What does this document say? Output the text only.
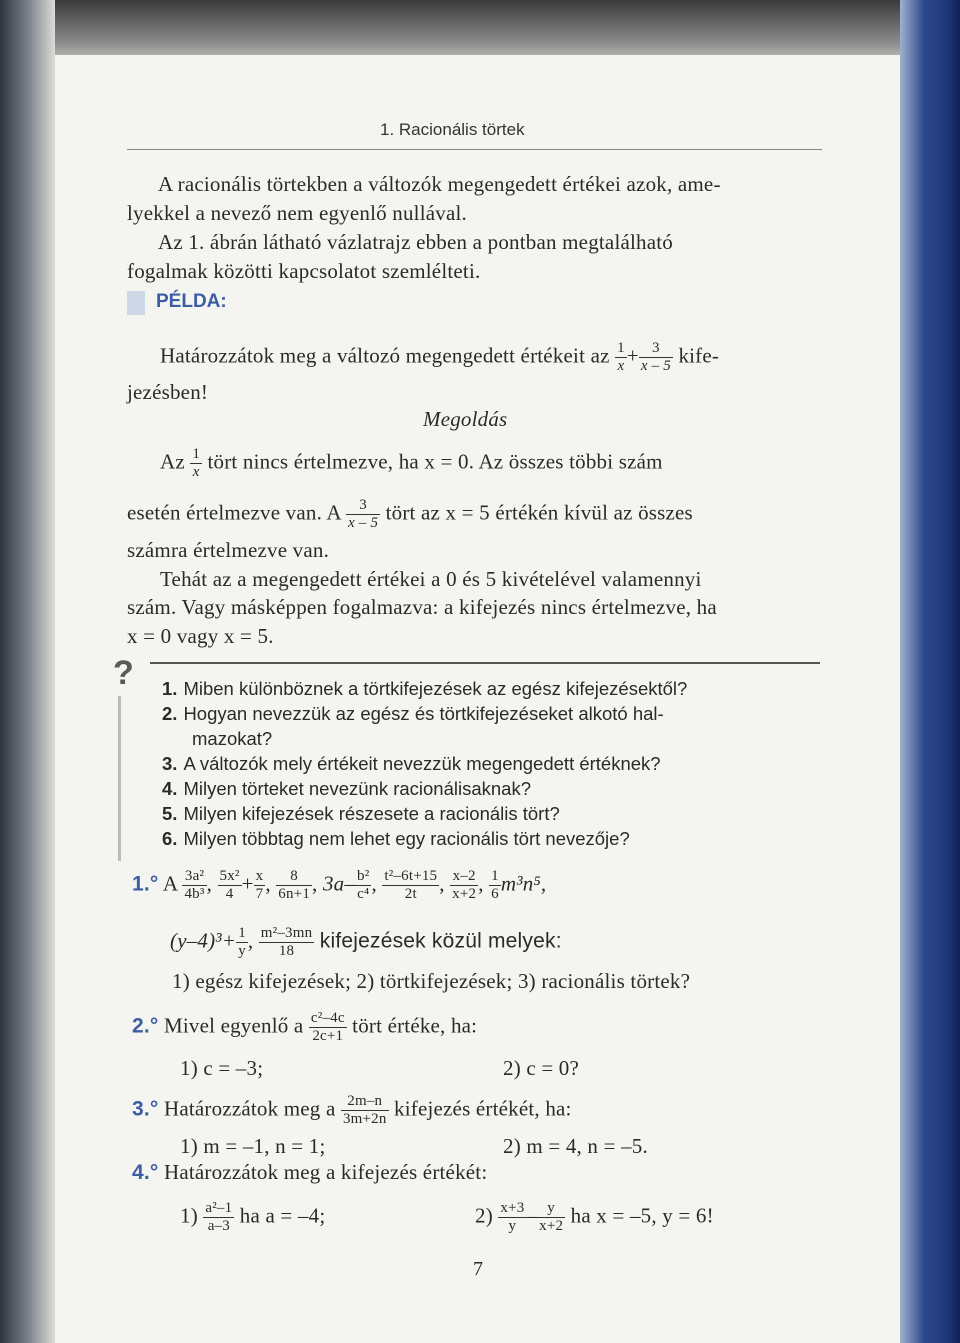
1. Racionális törtek
A racionális törtekben a változók megengedett értékei azok, ame-
lyekkel a nevező nem egyenlő nullával.
Az 1. ábrán látható vázlatrajz ebben a pontban megtalálható
fogalmak közötti kapcsolatot szemlélteti.
PÉLDA:
Határozzátok meg a változó megengedett értékeit az $\frac{1}{x} + \frac{3}{x - 5}$ kife-
jezésben!
Megoldás
Az $\frac{1}{x}$ tört nincs értelmezve, ha x = 0. Az összes többi szám
esetén értelmezve van. A $\frac{3}{x - 5}$ tört az x = 5 értékén kívül az összes
számra értelmezve van.
Tehát az a megengedett értékei a 0 és 5 kivételével valamennyi
szám. Vagy másképpen fogalmazva: a kifejezés nincs értelmezve, ha
x = 0 vagy x = 5.
?	1. Miben különböznek a törtkifejezések az egész kifejezésektől?
2. Hogyan nevezzük az egész és törtkifejezéseket alkotó hal-
mazokat?
3. A változók mely értékeit nevezzük megengedett értéknek?
4. Milyen törteket nevezünk racionálisaknak?
5. Milyen kifejezések részesete a racionális tört?
6. Milyen többtag nem lehet egy racionális tört nevezője?
1.° A $\frac{\text{3a²}}{\text{4b³}}$ , $\frac{\text{5x²}}{4} + \frac{x}{7}$ , $\frac{8}{6n+1}$ , $3a- \frac{\text{b²}}{\text{c⁴}}$ , $\frac{\text{t²–6t+15}}{2t}$ , $\frac{x-2}{x+2}$ , $\frac{1}{6} m^3n^5$,
$(y-4)^3+ \frac{1}{y}$ , $\frac{\text{m²–3mn}}{18}$ kifejezések közül melyek:
1) egész kifejezések; 2) törtkifejezések; 3) racionális törtek?
2.° Mivel egyenlő a $\frac{\text{c²–4c}}{2c+1}$ tört értéke, ha:
1) c = –3;	2) c = 0?
3.° Határozzátok meg a $\frac{2m-n}{3m+2n}$ kifejezés értékét, ha:
1) m = –1, n = 1;	2) m = 4, n = –5.
4.° Határozzátok meg a kifejezés értékét:
$1) \frac{\text{a²–1}}{a-3}$ ha a = –4;	$2) \frac{x+3}{y} - \frac{y}{x+2}$ ha x = –5, y = 6!
7
